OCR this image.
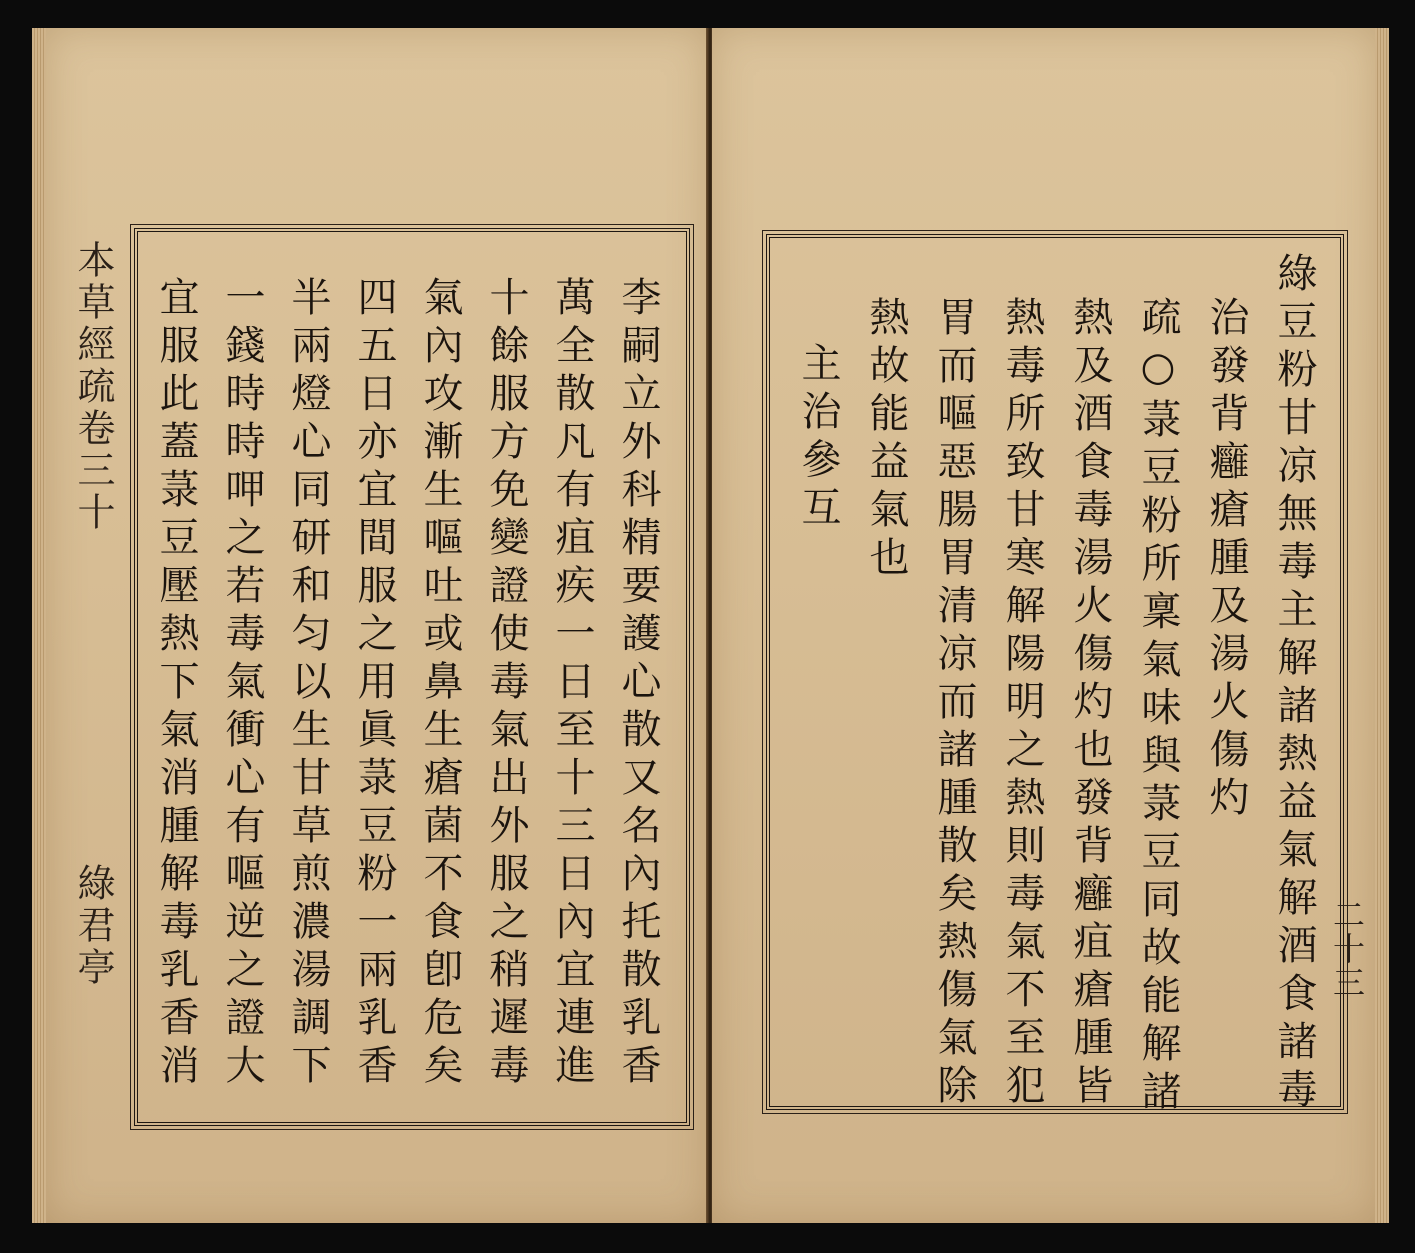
本草經疏卷三十
綠君亭	李嗣立外科精要護心散又名內托散乳香
萬全散凡有疽疾一日至十三日內宜連進
十餘服方免變證使毒氣出外服之稍遲毒
氣內攻漸生嘔吐或鼻生瘡菌不食卽危矣
四五日亦宜間服之用眞菉豆粉一兩乳香
半兩燈心同研和匀以生甘草煎濃湯調下
一錢時時呷之若毒氣衝心有嘔逆之證大
宜服此蓋菉豆壓熱下氣消腫解毒乳香消	綠豆粉甘凉無毒主解諸熱益氣解酒食諸毒
治發背癰瘡腫及湯火傷灼
疏○菉豆粉所稟氣味與菉豆同故能解諸
熱及酒食毒湯火傷灼也發背癰疽瘡腫皆
熱毒所致甘寒解陽明之熱則毒氣不至犯
胃而嘔惡腸胃清凉而諸腫散矣熱傷氣除
熱故能益氣也
主治參互
二十三
